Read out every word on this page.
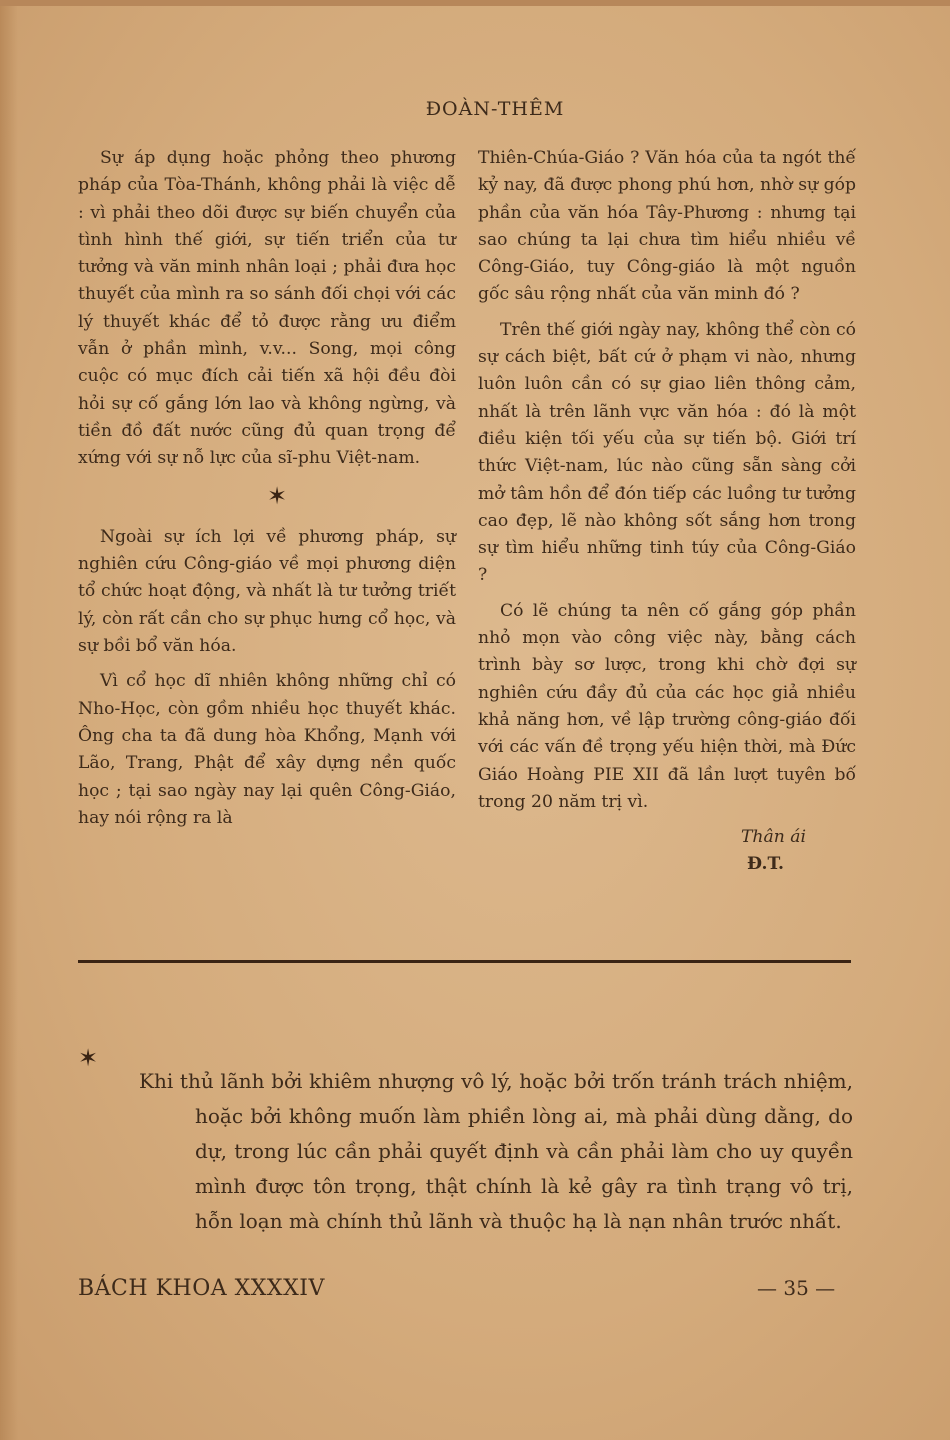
ĐOÀN-THÊM

Sự áp dụng hoặc phỏng theo phương pháp của Tòa-Thánh, không phải là việc dễ : vì phải theo dõi được sự biến chuyển của tình hình thế giới, sự tiến triển của tư tưởng và văn minh nhân loại ; phải đưa học thuyết của mình ra so sánh đối chọi với các lý thuyết khác để tỏ được rằng ưu điểm vẫn ở phần mình, v.v... Song, mọi công cuộc có mục đích cải tiến xã hội đều đòi hỏi sự cố gắng lớn lao và không ngừng, và tiền đồ đất nước cũng đủ quan trọng để xứng với sự nỗ lực của sĩ-phu Việt-nam.

✶

Ngoài sự ích lợi về phương pháp, sự nghiên cứu Công-giáo về mọi phương diện tổ chức hoạt động, và nhất là tư tưởng triết lý, còn rất cần cho sự phục hưng cổ học, và sự bồi bổ văn hóa.

Vì cổ học dĩ nhiên không những chỉ có Nho-Học, còn gồm nhiều học thuyết khác. Ông cha ta đã dung hòa Khổng, Mạnh với Lão, Trang, Phật để xây dựng nền quốc học ; tại sao ngày nay lại quên Công-Giáo, hay nói rộng ra là

Thiên-Chúa-Giáo ? Văn hóa của ta ngót thế kỷ nay, đã được phong phú hơn, nhờ sự góp phần của văn hóa Tây-Phương : nhưng tại sao chúng ta lại chưa tìm hiểu nhiều về Công-Giáo, tuy Công-giáo là một nguồn gốc sâu rộng nhất của văn minh đó ?

Trên thế giới ngày nay, không thể còn có sự cách biệt, bất cứ ở phạm vi nào, nhưng luôn luôn cần có sự giao liên thông cảm, nhất là trên lãnh vực văn hóa : đó là một điều kiện tối yếu của sự tiến bộ. Giới trí thức Việt-nam, lúc nào cũng sẵn sàng cởi mở tâm hồn để đón tiếp các luồng tư tưởng cao đẹp, lẽ nào không sốt sắng hơn trong sự tìm hiểu những tinh túy của Công-Giáo ?

Có lẽ chúng ta nên cố gắng góp phần nhỏ mọn vào công việc này, bằng cách trình bày sơ lược, trong khi chờ đợi sự nghiên cứu đầy đủ của các học giả nhiều khả năng hơn, về lập trường công-giáo đối với các vấn đề trọng yếu hiện thời, mà Đức Giáo Hoàng PIE XII đã lần lượt tuyên bố trong 20 năm trị vì.

Thân ái
Đ.T.
✶

Khi thủ lãnh bởi khiêm nhượng vô lý, hoặc bởi trốn tránh trách nhiệm, hoặc bởi không muốn làm phiền lòng ai, mà phải dùng dằng, do dự, trong lúc cần phải quyết định và cần phải làm cho uy quyền mình được tôn trọng, thật chính là kẻ gây ra tình trạng vô trị, hỗn loạn mà chính thủ lãnh và thuộc hạ là nạn nhân trước nhất.

BÁCH KHOA XXXXIV	— 35 —
